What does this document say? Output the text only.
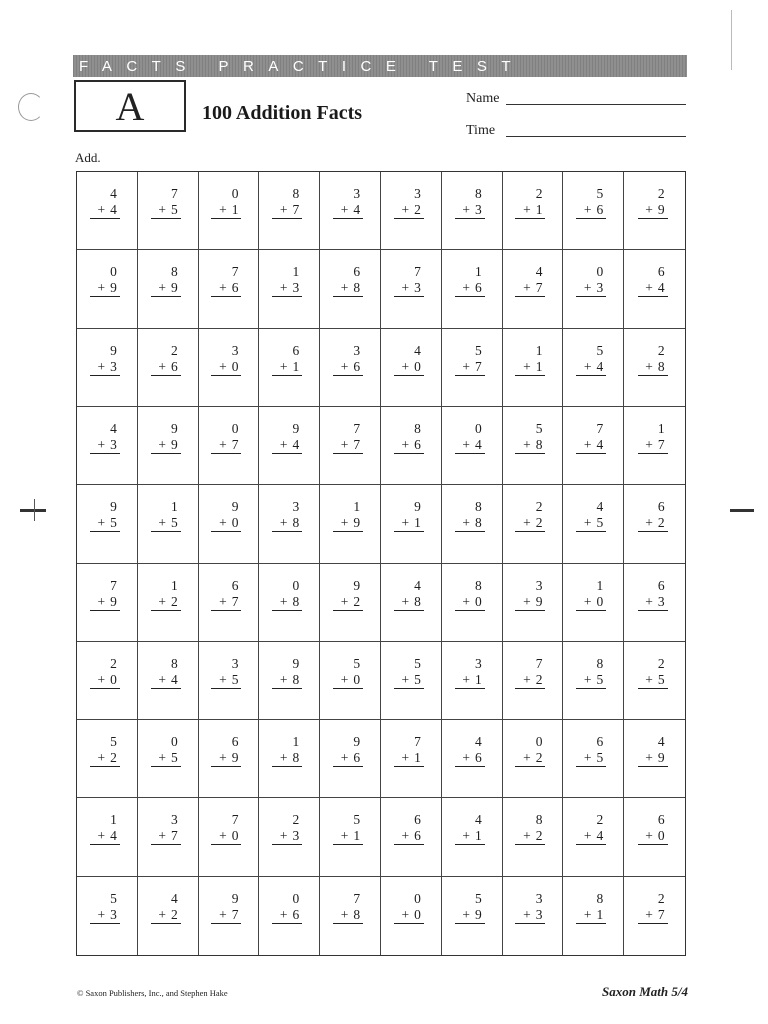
FACTS PRACTICE TEST
A	100 Addition Facts
Name
Time
Add.
4
+ 4
7
+ 5
0
+ 1
8
+ 7
3
+ 4
3
+ 2
8
+ 3
2
+ 1
5
+ 6
2
+ 9
0
+ 9
8
+ 9
7
+ 6
1
+ 3
6
+ 8
7
+ 3
1
+ 6
4
+ 7
0
+ 3
6
+ 4
9
+ 3
2
+ 6
3
+ 0
6
+ 1
3
+ 6
4
+ 0
5
+ 7
1
+ 1
5
+ 4
2
+ 8
4
+ 3
9
+ 9
0
+ 7
9
+ 4
7
+ 7
8
+ 6
0
+ 4
5
+ 8
7
+ 4
1
+ 7
9
+ 5
1
+ 5
9
+ 0
3
+ 8
1
+ 9
9
+ 1
8
+ 8
2
+ 2
4
+ 5
6
+ 2
7
+ 9
1
+ 2
6
+ 7
0
+ 8
9
+ 2
4
+ 8
8
+ 0
3
+ 9
1
+ 0
6
+ 3
2
+ 0
8
+ 4
3
+ 5
9
+ 8
5
+ 0
5
+ 5
3
+ 1
7
+ 2
8
+ 5
2
+ 5
5
+ 2
0
+ 5
6
+ 9
1
+ 8
9
+ 6
7
+ 1
4
+ 6
0
+ 2
6
+ 5
4
+ 9
1
+ 4
3
+ 7
7
+ 0
2
+ 3
5
+ 1
6
+ 6
4
+ 1
8
+ 2
2
+ 4
6
+ 0
5
+ 3
4
+ 2
9
+ 7
0
+ 6
7
+ 8
0
+ 0
5
+ 9
3
+ 3
8
+ 1
2
+ 7
© Saxon Publishers, Inc., and Stephen Hake	Saxon Math 5/4
